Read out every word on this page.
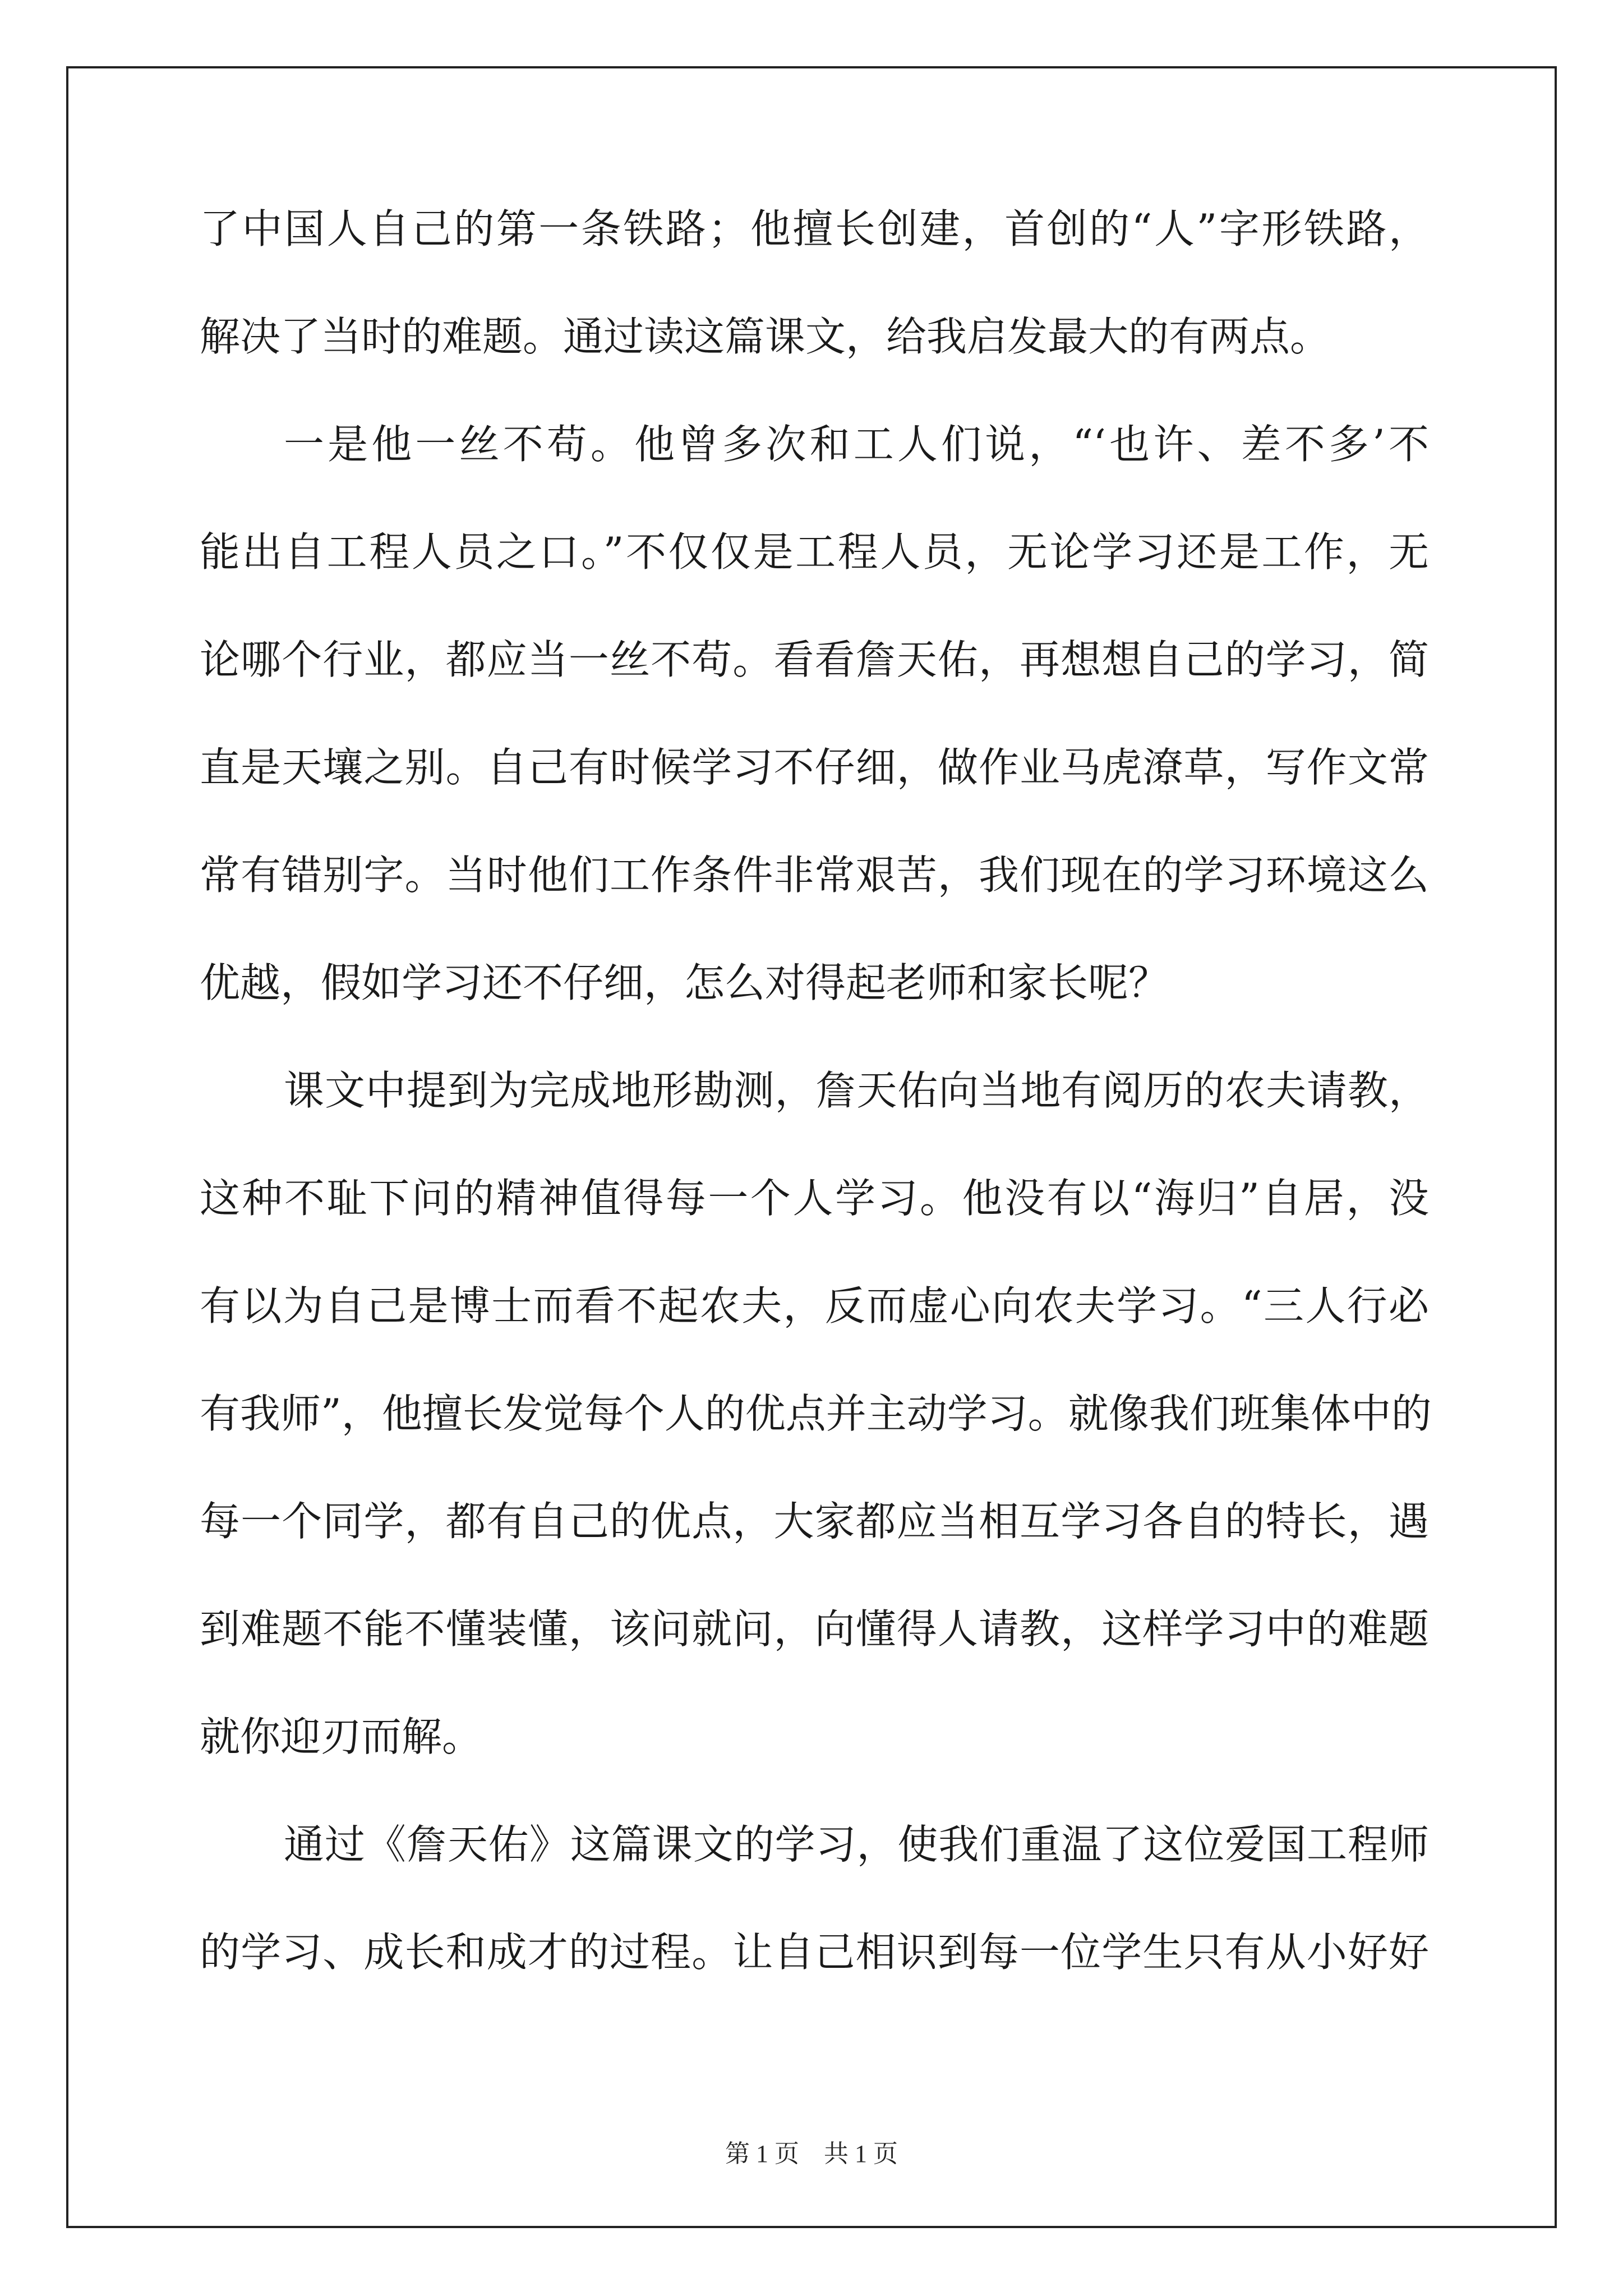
了中国人自己的第一条铁路；他擅长创建，首创的“人”字形铁路，
解决了当时的难题。通过读这篇课文，给我启发最大的有两点。
一是他一丝不苟。他曾多次和工人们说，“‘也许、差不多’不
能出自工程人员之口。”不仅仅是工程人员，无论学习还是工作，无
论哪个行业，都应当一丝不苟。看看詹天佑，再想想自己的学习，简
直是天壤之别。自己有时候学习不仔细，做作业马虎潦草，写作文常
常有错别字。当时他们工作条件非常艰苦，我们现在的学习环境这么
优越，假如学习还不仔细，怎么对得起老师和家长呢？
课文中提到为完成地形勘测，詹天佑向当地有阅历的农夫请教，
这种不耻下问的精神值得每一个人学习。他没有以“海归”自居，没
有以为自己是博士而看不起农夫，反而虚心向农夫学习。“三人行必
有我师”，他擅长发觉每个人的优点并主动学习。就像我们班集体中的
每一个同学，都有自己的优点，大家都应当相互学习各自的特长，遇
到难题不能不懂装懂，该问就问，向懂得人请教，这样学习中的难题
就你迎刃而解。
通过《詹天佑》这篇课文的学习，使我们重温了这位爱国工程师
的学习、成长和成才的过程。让自己相识到每一位学生只有从小好好
第 1 页　共 1 页
